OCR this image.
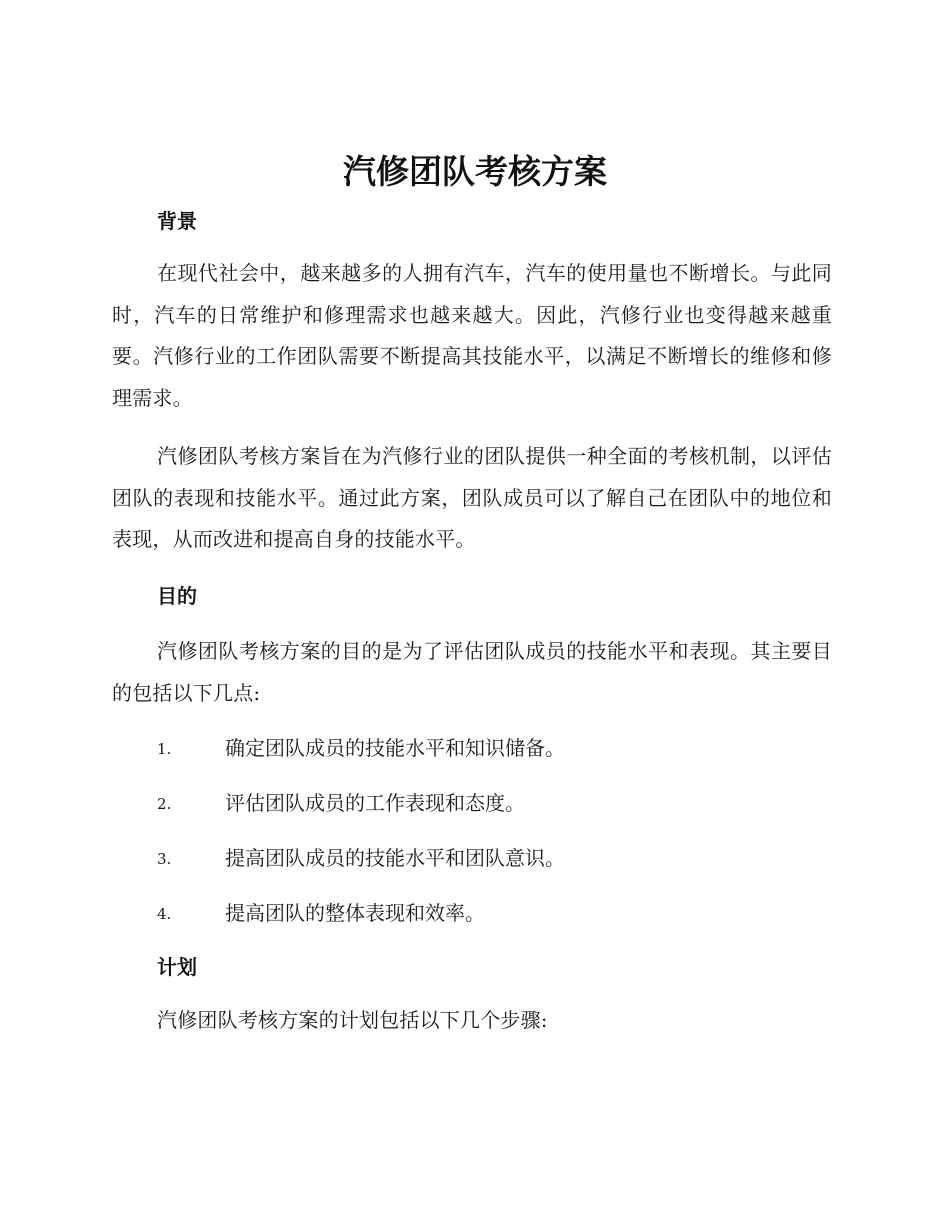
汽修团队考核方案
背景

在现代社会中，越来越多的人拥有汽车，汽车的使用量也不断增长。与此同时，汽车的日常维护和修理需求也越来越大。因此，汽修行业也变得越来越重要。汽修行业的工作团队需要不断提高其技能水平，以满足不断增长的维修和修理需求。

汽修团队考核方案旨在为汽修行业的团队提供一种全面的考核机制，以评估团队的表现和技能水平。通过此方案，团队成员可以了解自己在团队中的地位和表现，从而改进和提高自身的技能水平。

目的

汽修团队考核方案的目的是为了评估团队成员的技能水平和表现。其主要目的包括以下几点:

1.	确定团队成员的技能水平和知识储备。
2.	评估团队成员的工作表现和态度。
3.	提高团队成员的技能水平和团队意识。
4.	提高团队的整体表现和效率。
计划

汽修团队考核方案的计划包括以下几个步骤:
